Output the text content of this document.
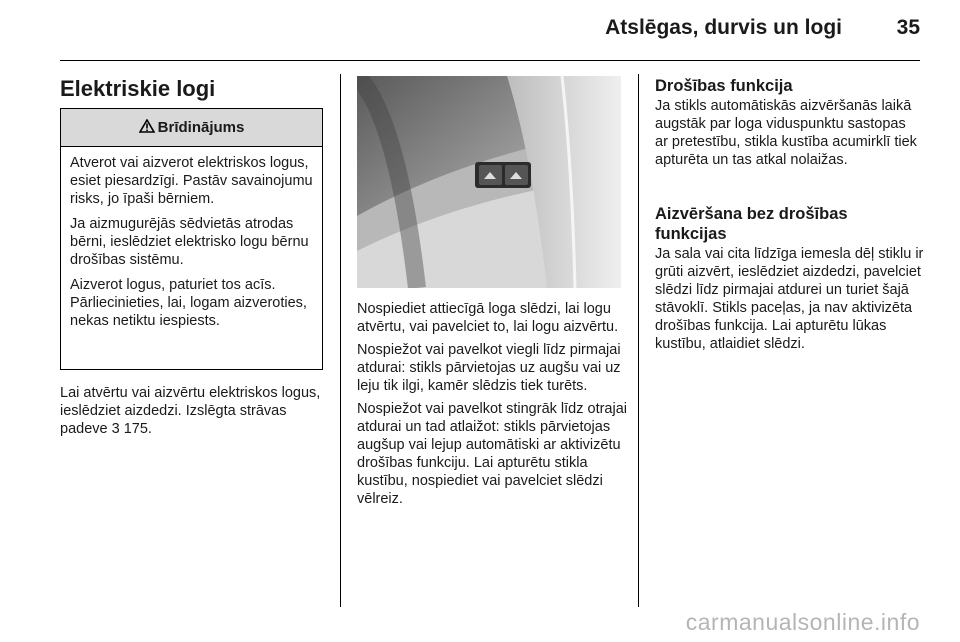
Atslēgas, durvis un logi	35
Elektriskie logi
Brīdinājums

Atverot vai aizverot elektriskos logus, esiet piesardzīgi. Pastāv savainojumu risks, jo īpaši bērniem.

Ja aizmugurējās sēdvietās atrodas bērni, ieslēdziet elektrisko logu bērnu drošības sistēmu.

Aizverot logus, paturiet tos acīs. Pārliecinieties, lai, logam aizveroties, nekas netiktu iespiests.

Lai atvērtu vai aizvērtu elektriskos logus, ieslēdziet aizdedzi. Izslēgta strāvas padeve 3 175.

Nospiediet attiecīgā loga slēdzi, lai logu atvērtu, vai pavelciet to, lai logu aizvērtu.

Nospiežot vai pavelkot viegli līdz pirmajai atdurai: stikls pārvietojas uz augšu vai uz leju tik ilgi, kamēr slēdzis tiek turēts.

Nospiežot vai pavelkot stingrāk līdz otrajai atdurai un tad atlaižot: stikls pārvietojas augšup vai lejup automātiski ar aktivizētu drošības funkciju. Lai apturētu stikla kustību, nospiediet vai pavelciet slēdzi vēlreiz.

Drošības funkcija
Ja stikls automātiskās aizvēršanās laikā augstāk par loga viduspunktu sastopas ar pretestību, stikla kustība acumirklī tiek apturēta un tas atkal nolaižas.
Aizvēršana bez drošības funkcijas
Ja sala vai cita līdzīga iemesla dēļ stiklu ir grūti aizvērt, ieslēdziet aizdedzi, pavelciet slēdzi līdz pirmajai atdurei un turiet šajā stāvoklī. Stikls paceļas, ja nav aktivizēta drošības funkcija. Lai apturētu lūkas kustību, atlaidiet slēdzi.
carmanualsonline.info
